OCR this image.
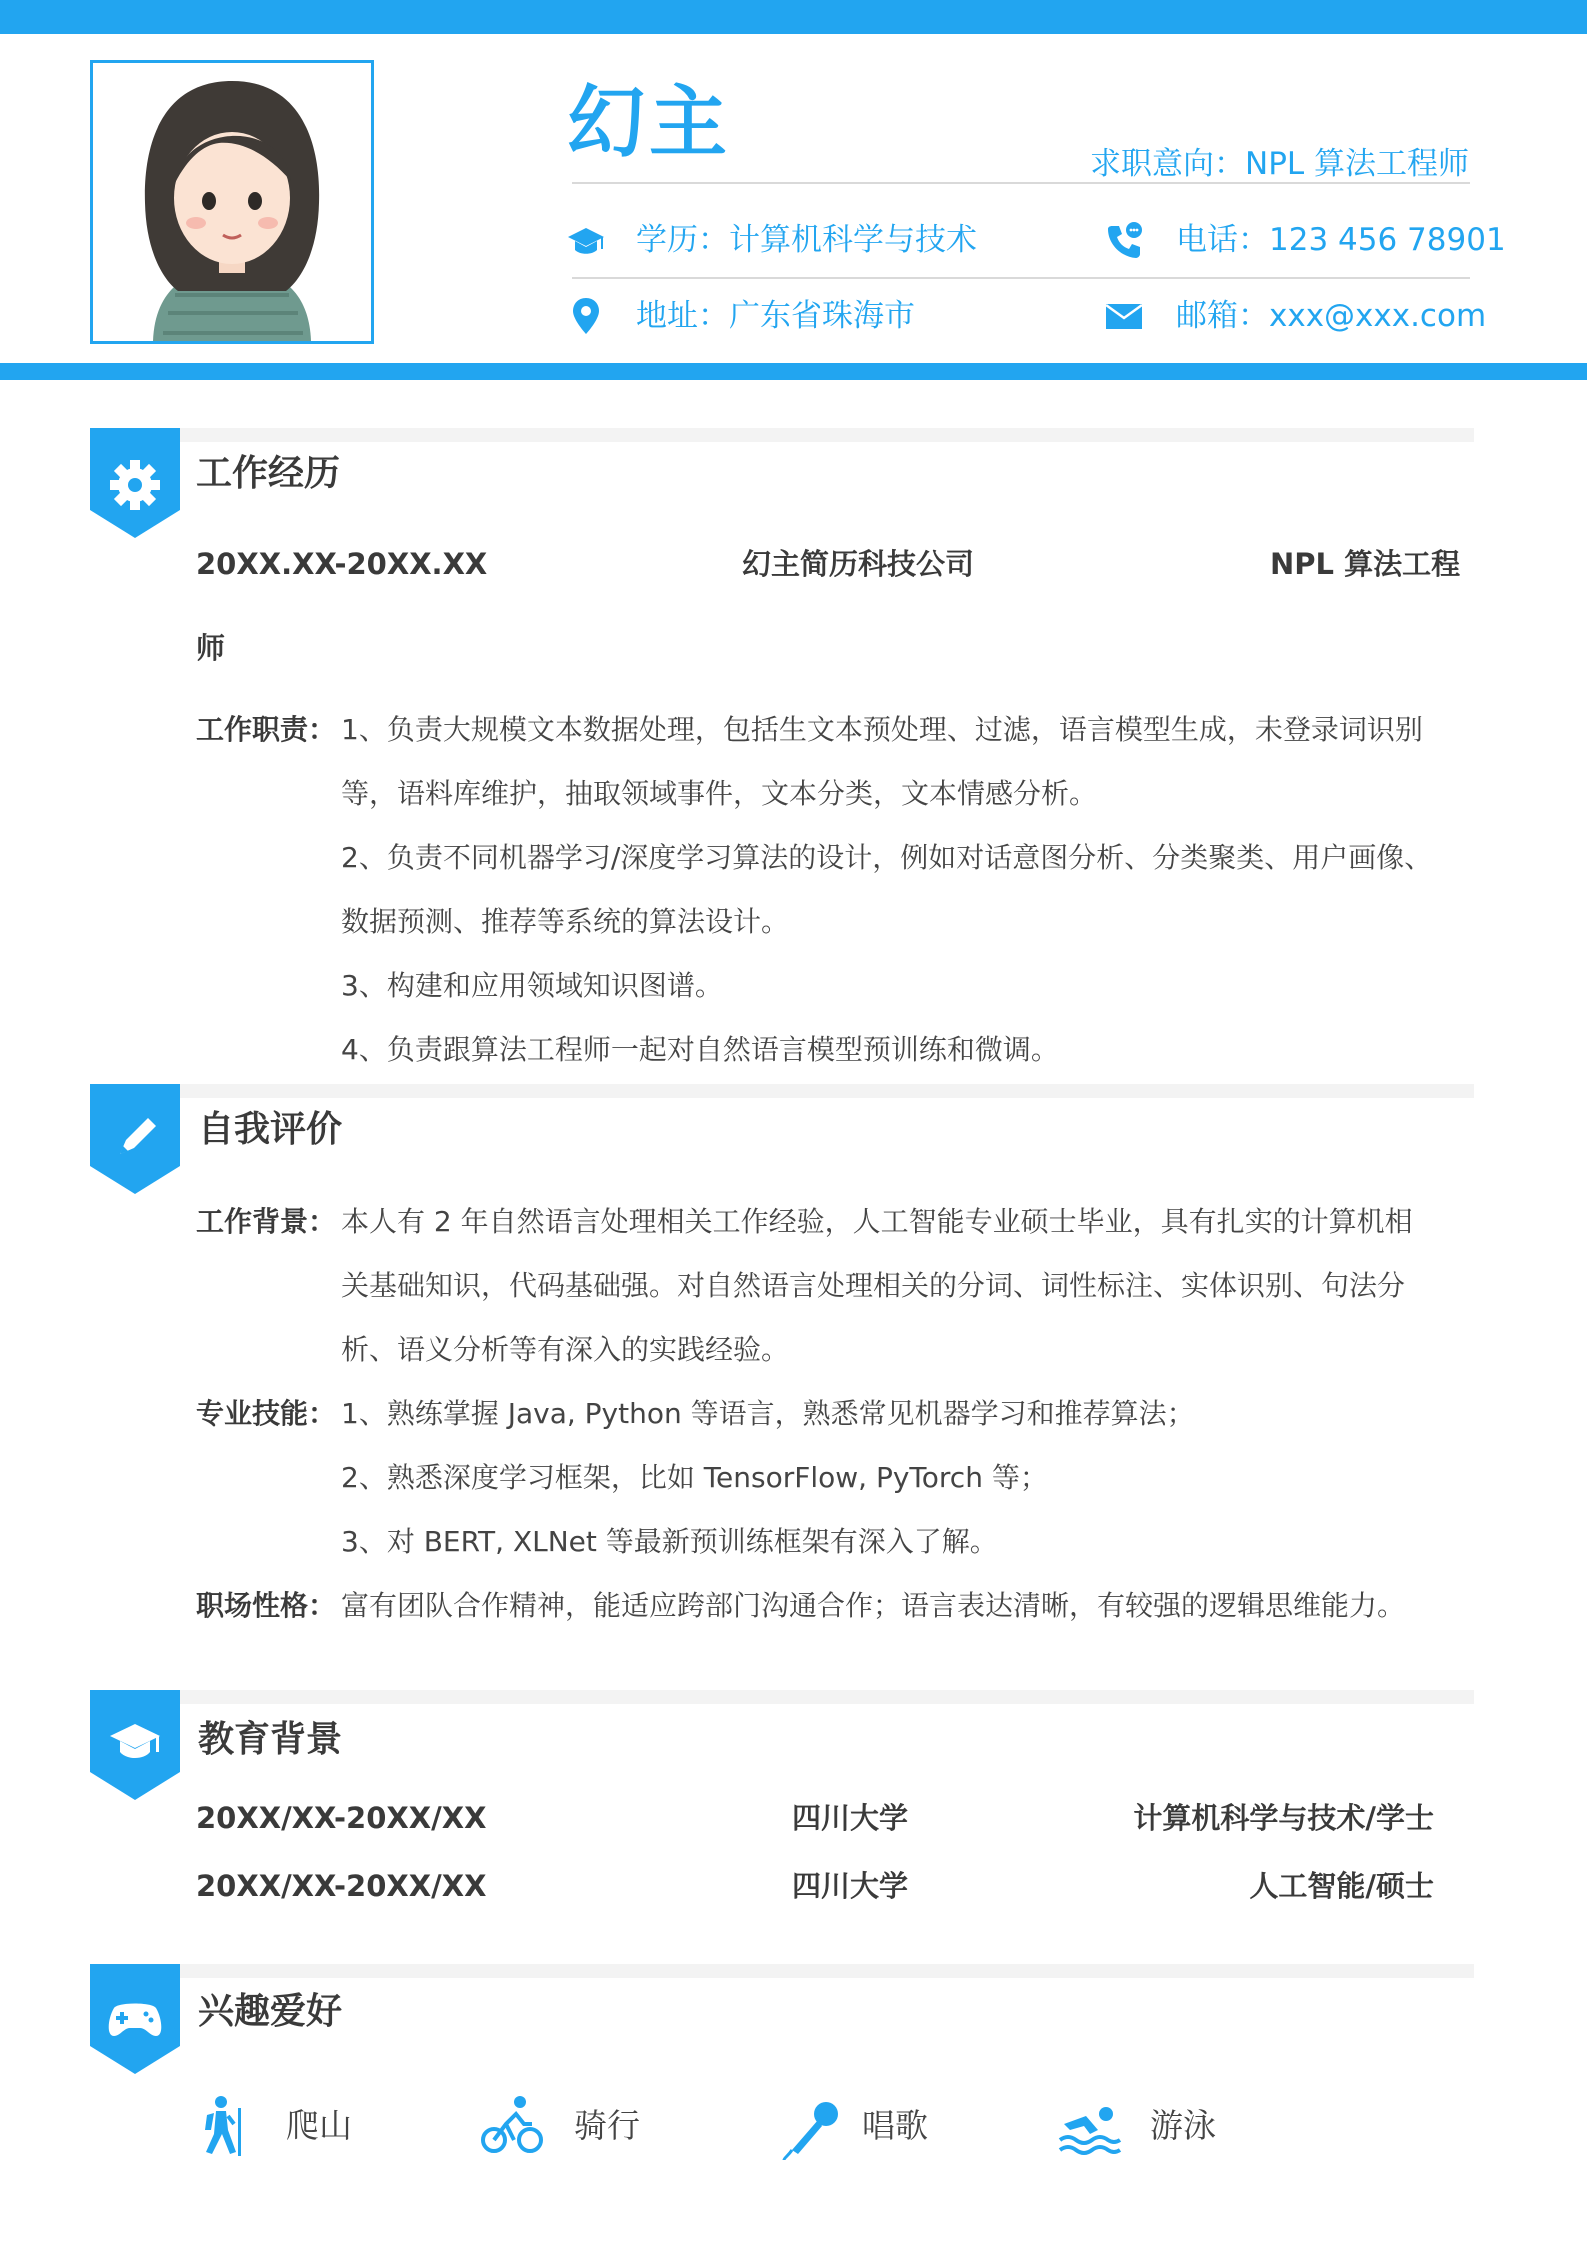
幻主	求职意向：NPL 算法工程师
学历：计算机科学与技术	电话：123 456 78901
地址：广东省珠海市	邮箱：xxx@xxx.com
工作经历
20XX.XX-20XX.XX	幻主简历科技公司	NPL 算法工程
师
工作职责： 1、负责大规模文本数据处理，包括生文本预处理、过滤，语言模型生成，未登录词识别
等，语料库维护，抽取领域事件，文本分类，文本情感分析。
2、负责不同机器学习/深度学习算法的设计，例如对话意图分析、分类聚类、用户画像、
数据预测、推荐等系统的算法设计。
3、构建和应用领域知识图谱。
4、负责跟算法工程师一起对自然语言模型预训练和微调。
自我评价
工作背景： 本人有 2 年自然语言处理相关工作经验，人工智能专业硕士毕业，具有扎实的计算机相
关基础知识，代码基础强。对自然语言处理相关的分词、词性标注、实体识别、句法分
析、语义分析等有深入的实践经验。
专业技能： 1、熟练掌握 Java, Python 等语言，熟悉常见机器学习和推荐算法；
2、熟悉深度学习框架，比如 TensorFlow, PyTorch 等；
3、对 BERT, XLNet 等最新预训练框架有深入了解。
职场性格： 富有团队合作精神，能适应跨部门沟通合作；语言表达清晰，有较强的逻辑思维能力。
教育背景
20XX/XX-20XX/XX	四川大学	计算机科学与技术/学士
20XX/XX-20XX/XX	四川大学	人工智能/硕士
兴趣爱好
爬山	骑行	唱歌	游泳
